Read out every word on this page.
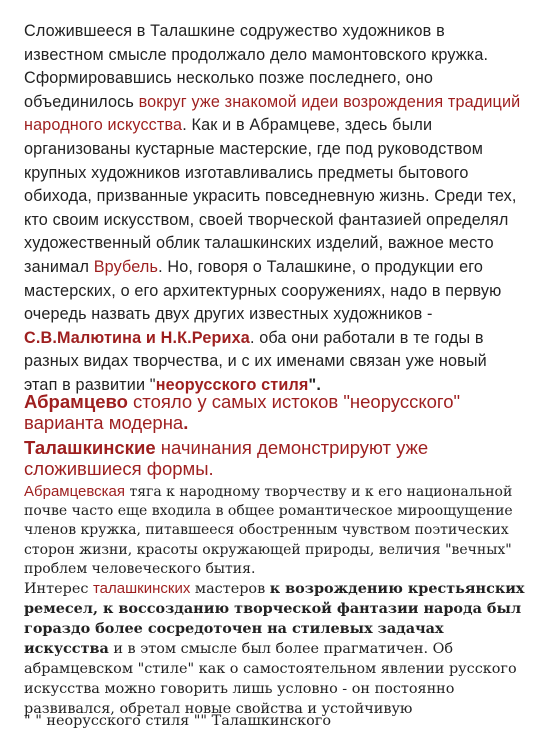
Сложившееся в Талашкине содружество художников в известном смысле продолжало дело мамонтовского кружка. Сформировавшись несколько позже последнего, оно объединилось вокруг уже знакомой идеи возрождения традиций народного искусства. Как и в Абрамцеве, здесь были организованы кустарные мастерские, где под руководством крупных художников изготавливались предметы бытового обихода, призванные украсить повседневную жизнь. Среди тех, кто своим искусством, своей творческой фантазией определял художественный облик талашкинских изделий, важное место занимал Врубель. Но, говоря о Талашкине, о продукции его мастерских, о его архитектурных сооружениях, надо в первую очередь назвать двух других известных художников - С.В.Малютина и Н.К.Рериха. оба они работали в те годы в разных видах творчества, и с их именами связан уже новый этап в развитии "неорусского стиля".
Абрамцево стояло у самых истоков "неорусского" варианта модерна.
Талашкинские начинания демонстрируют уже сложившиеся формы.
Абрамцевская тяга к народному творчеству и к его национальной почве часто еще входила в общее романтическое мироощущение членов кружка, питавшееся обостренным чувством поэтических сторон жизни, красоты окружающей природы, величия "вечных" проблем человеческого бытия.
Интерес талашкинских мастеров к возрождению крестьянских ремесел, к воссозданию творческой фантазии народа был гораздо более сосредоточен на стилевых задачах искусства и в этом смысле был более прагматичен. Об абрамцевском "стиле" как о самостоятельном явлении русского искусства можно говорить лишь условно - он постоянно развивался, обретал новые свойства и устойчивую
" " неорусского стиля "" Талашкинского
